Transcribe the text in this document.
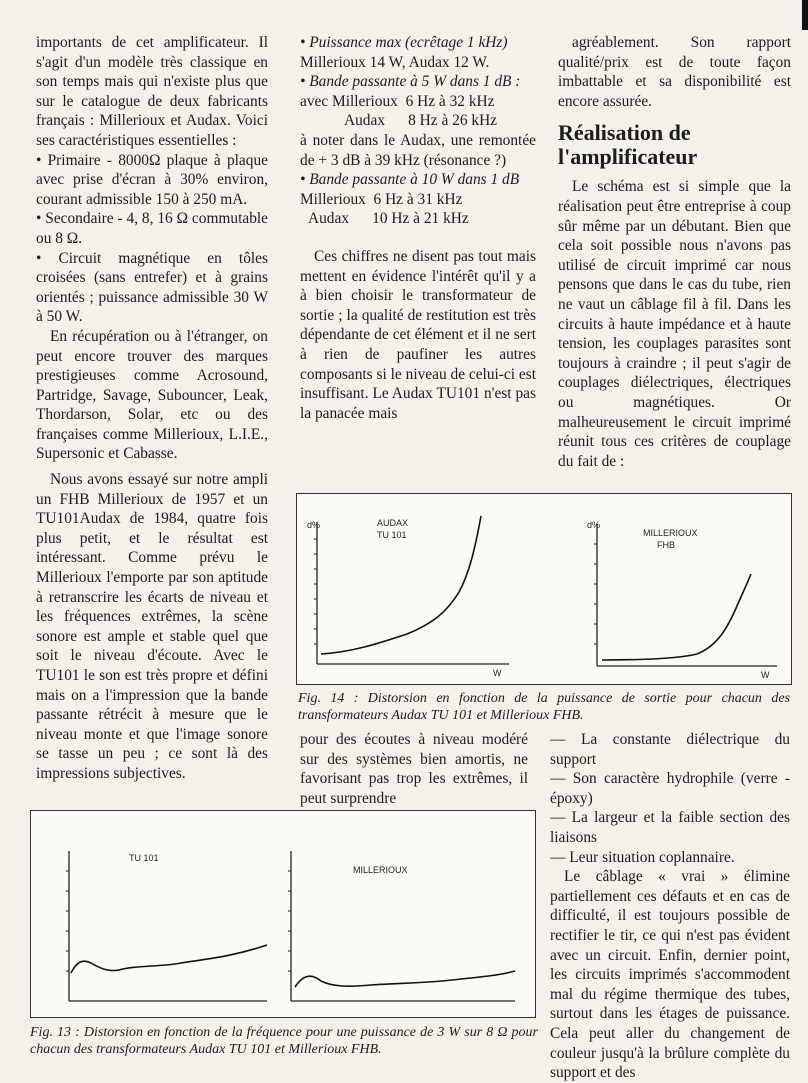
importants de cet amplificateur. Il s'agit d'un modèle très classique en son temps mais qui n'existe plus que sur le catalogue de deux fabricants français : Millerioux et Audax. Voici ses caractéristiques essentielles :

• Primaire - 8000Ω plaque à plaque avec prise d'écran à 30% environ, courant admissible 150 à 250 mA.

• Secondaire - 4, 8, 16 Ω commutable ou 8 Ω.

• Circuit magnétique en tôles croisées (sans entrefer) et à grains orientés ; puissance admissible 30 W à 50 W.

En récupération ou à l'étranger, on peut encore trouver des marques prestigieuses comme Acrosound, Partridge, Savage, Subouncer, Leak, Thordarson, Solar, etc ou des françaises comme Millerioux, L.I.E., Supersonic et Cabasse.

Nous avons essayé sur notre ampli un FHB Millerioux de 1957 et un TU101Audax de 1984, quatre fois plus petit, et le résultat est intéressant. Comme prévu le Millerioux l'emporte par son aptitude à retranscrire les écarts de niveau et les fréquences extrêmes, la scène sonore est ample et stable quel que soit le niveau d'écoute. Avec le TU101 le son est très propre et défini mais on a l'impression que la bande passante rétrécit à mesure que le niveau monte et que l'image sonore se tasse un peu ; ce sont là des impressions subjectives.

• Puissance max (ecrêtage 1 kHz)

Millerioux 14 W, Audax 12 W.

• Bande passante à 5 W dans 1 dB :

avec Millerioux  6 Hz à 32 kHz

Audax      8 Hz à 26 kHz

à noter dans le Audax, une remontée de + 3 dB à 39 kHz (résonance ?)

• Bande passante à 10 W dans 1 dB

Millerioux  6 Hz à 31 kHz

Audax      10 Hz à 21 kHz

Ces chiffres ne disent pas tout mais mettent en évidence l'intérêt qu'il y a à bien choisir le transformateur de sortie ; la qualité de restitution est très dépendante de cet élément et il ne sert à rien de paufiner les autres composants si le niveau de celui-ci est insuffisant. Le Audax TU101 n'est pas la panacée mais

agréablement. Son rapport qualité/prix est de toute façon imbattable et sa disponibilité est encore assurée.

Réalisation de l'amplificateur

Le schéma est si simple que la réalisation peut être entreprise à coup sûr même par un débutant. Bien que cela soit possible nous n'avons pas utilisé de circuit imprimé car nous pensons que dans le cas du tube, rien ne vaut un câblage fil à fil. Dans les circuits à haute impédance et à haute tension, les couplages parasites sont toujours à craindre ; il peut s'agir de couplages diélectriques, électriques ou magnétiques. Or malheureusement le circuit imprimé réunit tous ces critères de couplage du fait de :

d%
W
AUDAX
TU 101
d%
W
MILLERIOUX
FHB
Fig. 14 : Distorsion en fonction de la puissance de sortie pour chacun des transformateurs Audax TU 101 et Millerioux FHB.

pour des écoutes à niveau modéré sur des systèmes bien amortis, ne favorisant pas trop les extrêmes, il peut surprendre

— La constante diélectrique du support

— Son caractère hydrophile (verre - époxy)

— La largeur et la faible section des liaisons

— Leur situation coplannaire.

Le câblage « vrai » élimine partiellement ces défauts et en cas de difficulté, il est toujours possible de rectifier le tir, ce qui n'est pas évident avec un circuit. Enfin, dernier point, les circuits imprimés s'accommodent mal du régime thermique des tubes, surtout dans les étages de puissance. Cela peut aller du changement de couleur jusqu'à la brûlure complète du support et des

TU 101
MILLERIOUX
Fig. 13 : Distorsion en fonction de la fréquence pour une puissance de 3 W sur 8 Ω pour chacun des transformateurs Audax TU 101 et Millerioux FHB.
